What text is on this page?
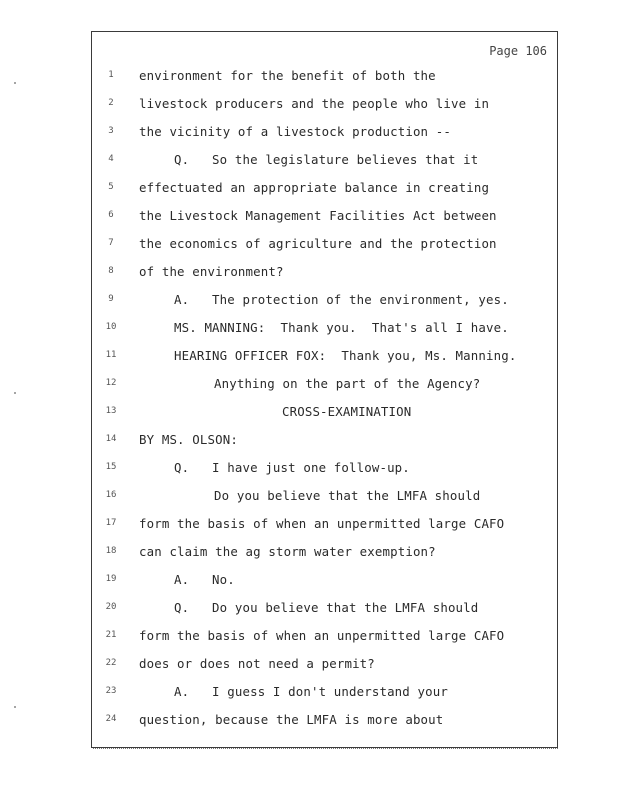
Page 106
1	environment for the benefit of both the
2	livestock producers and the people who live in
3	the vicinity of a livestock production --
4	Q.   So the legislature believes that it
5	effectuated an appropriate balance in creating
6	the Livestock Management Facilities Act between
7	the economics of agriculture and the protection
8	of the environment?
9	A.   The protection of the environment, yes.
10	MS. MANNING:  Thank you.  That's all I have.
11	HEARING OFFICER FOX:  Thank you, Ms. Manning.
12	Anything on the part of the Agency?
13	CROSS-EXAMINATION
14	BY MS. OLSON:
15	Q.   I have just one follow-up.
16	Do you believe that the LMFA should
17	form the basis of when an unpermitted large CAFO
18	can claim the ag storm water exemption?
19	A.   No.
20	Q.   Do you believe that the LMFA should
21	form the basis of when an unpermitted large CAFO
22	does or does not need a permit?
23	A.   I guess I don't understand your
24	question, because the LMFA is more about
